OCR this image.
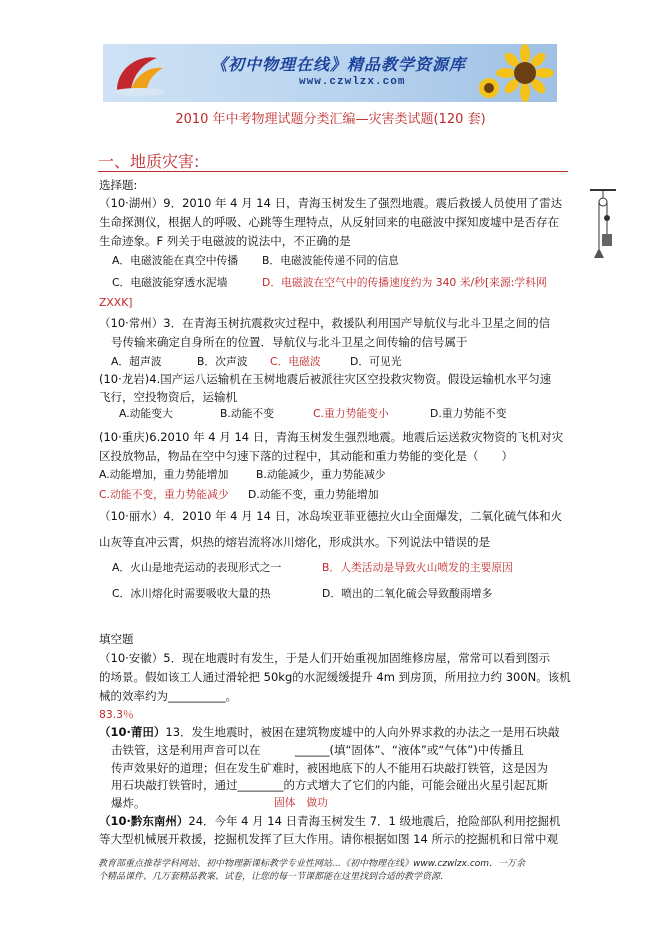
《初中物理在线》精品教学资源库
www.czwlzx.com
2010 年中考物理试题分类汇编—灾害类试题(120 套)
一、地质灾害:
选择题:
（10·湖州）9．2010 年 4 月 14 日，青海玉树发生了强烈地震。震后救援人员使用了雷达
生命探测仪，根据人的呼吸、心跳等生理特点，从反射回来的电磁波中探知废墟中是否存在
生命迹象。F 列关于电磁波的说法中，不正确的是
A．电磁波能在真空中传播 B．电磁波能传递不同的信息
C．电磁波能穿透水泥墙	D．电磁波在空气中的传播速度约为 340 米/秒[来源:学科网
ZXXK]
（10·常州）3．在青海玉树抗震救灾过程中，救援队利用国产导航仪与北斗卫星之间的信
号传输来确定自身所在的位置．导航仪与北斗卫星之间传输的信号属于
A．超声波	B．次声波 C．电磁波	D．可见光
(10·龙岩)4.国产运八运输机在玉树地震后被派往灾区空投救灾物资。假设运输机水平匀速
飞行，空投物资后，运输机
A.动能变大	B.动能不变	C.重力势能变小	D.重力势能不变
(10·重庆)6.2010 年 4 月 14 日，青海玉树发生强烈地震。地震后运送救灾物资的飞机对灾
区投放物品，物品在空中匀速下落的过程中，其动能和重力势能的变化是（　　）
A.动能增加，重力势能增加	B.动能减少，重力势能减少
C.动能不变，重力势能减少 D.动能不变，重力势能增加
（10·丽水）4．2010 年 4 月 14 日，冰岛埃亚菲亚德拉火山全面爆发，二氧化硫气体和火
山灰等直冲云霄，炽热的熔岩流将冰川熔化，形成洪水。下列说法中错误的是
A．火山是地壳运动的表现形式之一	B．人类活动是导致火山喷发的主要原因
C．冰川熔化时需要吸收大量的热	D．喷出的二氧化硫会导致酸雨增多
填空题
（10·安徽）5．现在地震时有发生，于是人们开始重视加固维修房屋，常常可以看到图示
的场景。假如该工人通过滑轮把 50kg的水泥缓缓提升 4m 到房顶，所用拉力约 300N。该机
械的效率约为__________。
83.3％
（10·莆田）13．发生地震时，被困在建筑物废墟中的人向外界求救的办法之一是用石块敲
击铁管，这是利用声音可以在　　　______(填“固体”、“液体”或“气体”)中传播且
传声效果好的道理；但在发生矿难时，被困地底下的人不能用石块敲打铁管，这是因为
用石块敲打铁管时，通过________的方式增大了它们的内能，可能会碰出火星引起瓦斯
爆炸。	固体　做功
（10·黔东南州）24．今年 4 月 14 日青海玉树发生 7．1 级地震后，抢险部队利用挖掘机
等大型机械展开救援，挖掘机发挥了巨大作用。请你根据如图 14 所示的挖掘机和日常中观
教育部重点推荐学科网站、初中物理新课标教学专业性网站…《初中物理在线》www.czwlzx.com．一万余
个精品课件、几万套精品教案、试卷，让您的每一节课都能在这里找到合适的教学资源．
